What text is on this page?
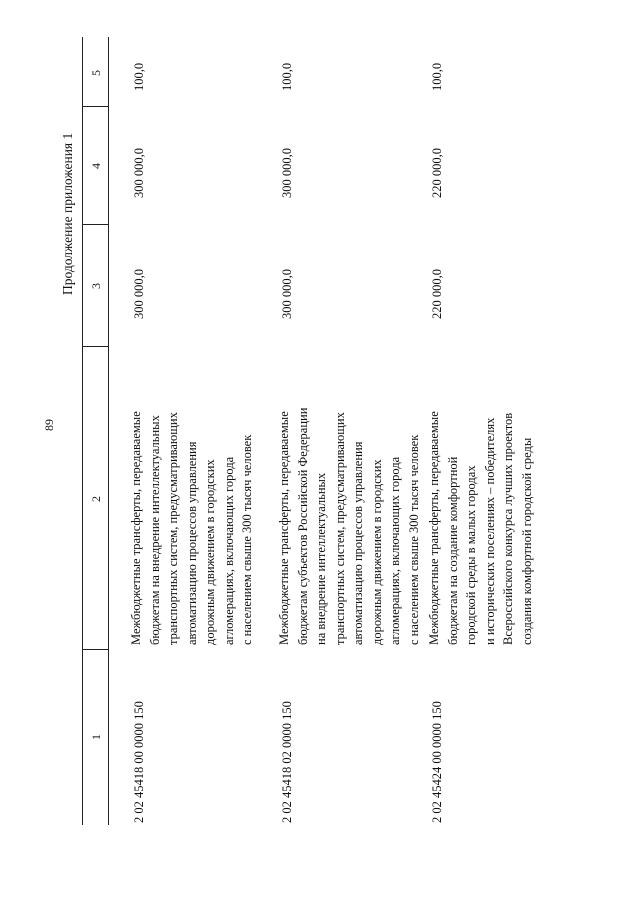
89
Продолжение приложения 1
1
2
3
4
5
2 02 45418 00 0000 150
Межбюджетные трансферты, передаваемые бюджетам на внедрение интеллектуальных транспортных систем, предусматривающих автоматизацию процессов управления дорожным движением в городских агломерациях, включающих города с населением свыше 300 тысяч человек
300 000,0
300 000,0
100,0
2 02 45418 02 0000 150
Межбюджетные трансферты, передаваемые бюджетам субъектов Российской Федерации на внедрение интеллектуальных транспортных систем, предусматривающих автоматизацию процессов управления дорожным движением в городских агломерациях, включающих города с населением свыше 300 тысяч человек
300 000,0
300 000,0
100,0
2 02 45424 00 0000 150
Межбюджетные трансферты, передаваемые бюджетам на создание комфортной городской среды в малых городах и исторических поселениях – победителях Всероссийского конкурса лучших проектов создания комфортной городской среды
220 000,0
220 000,0
100,0
